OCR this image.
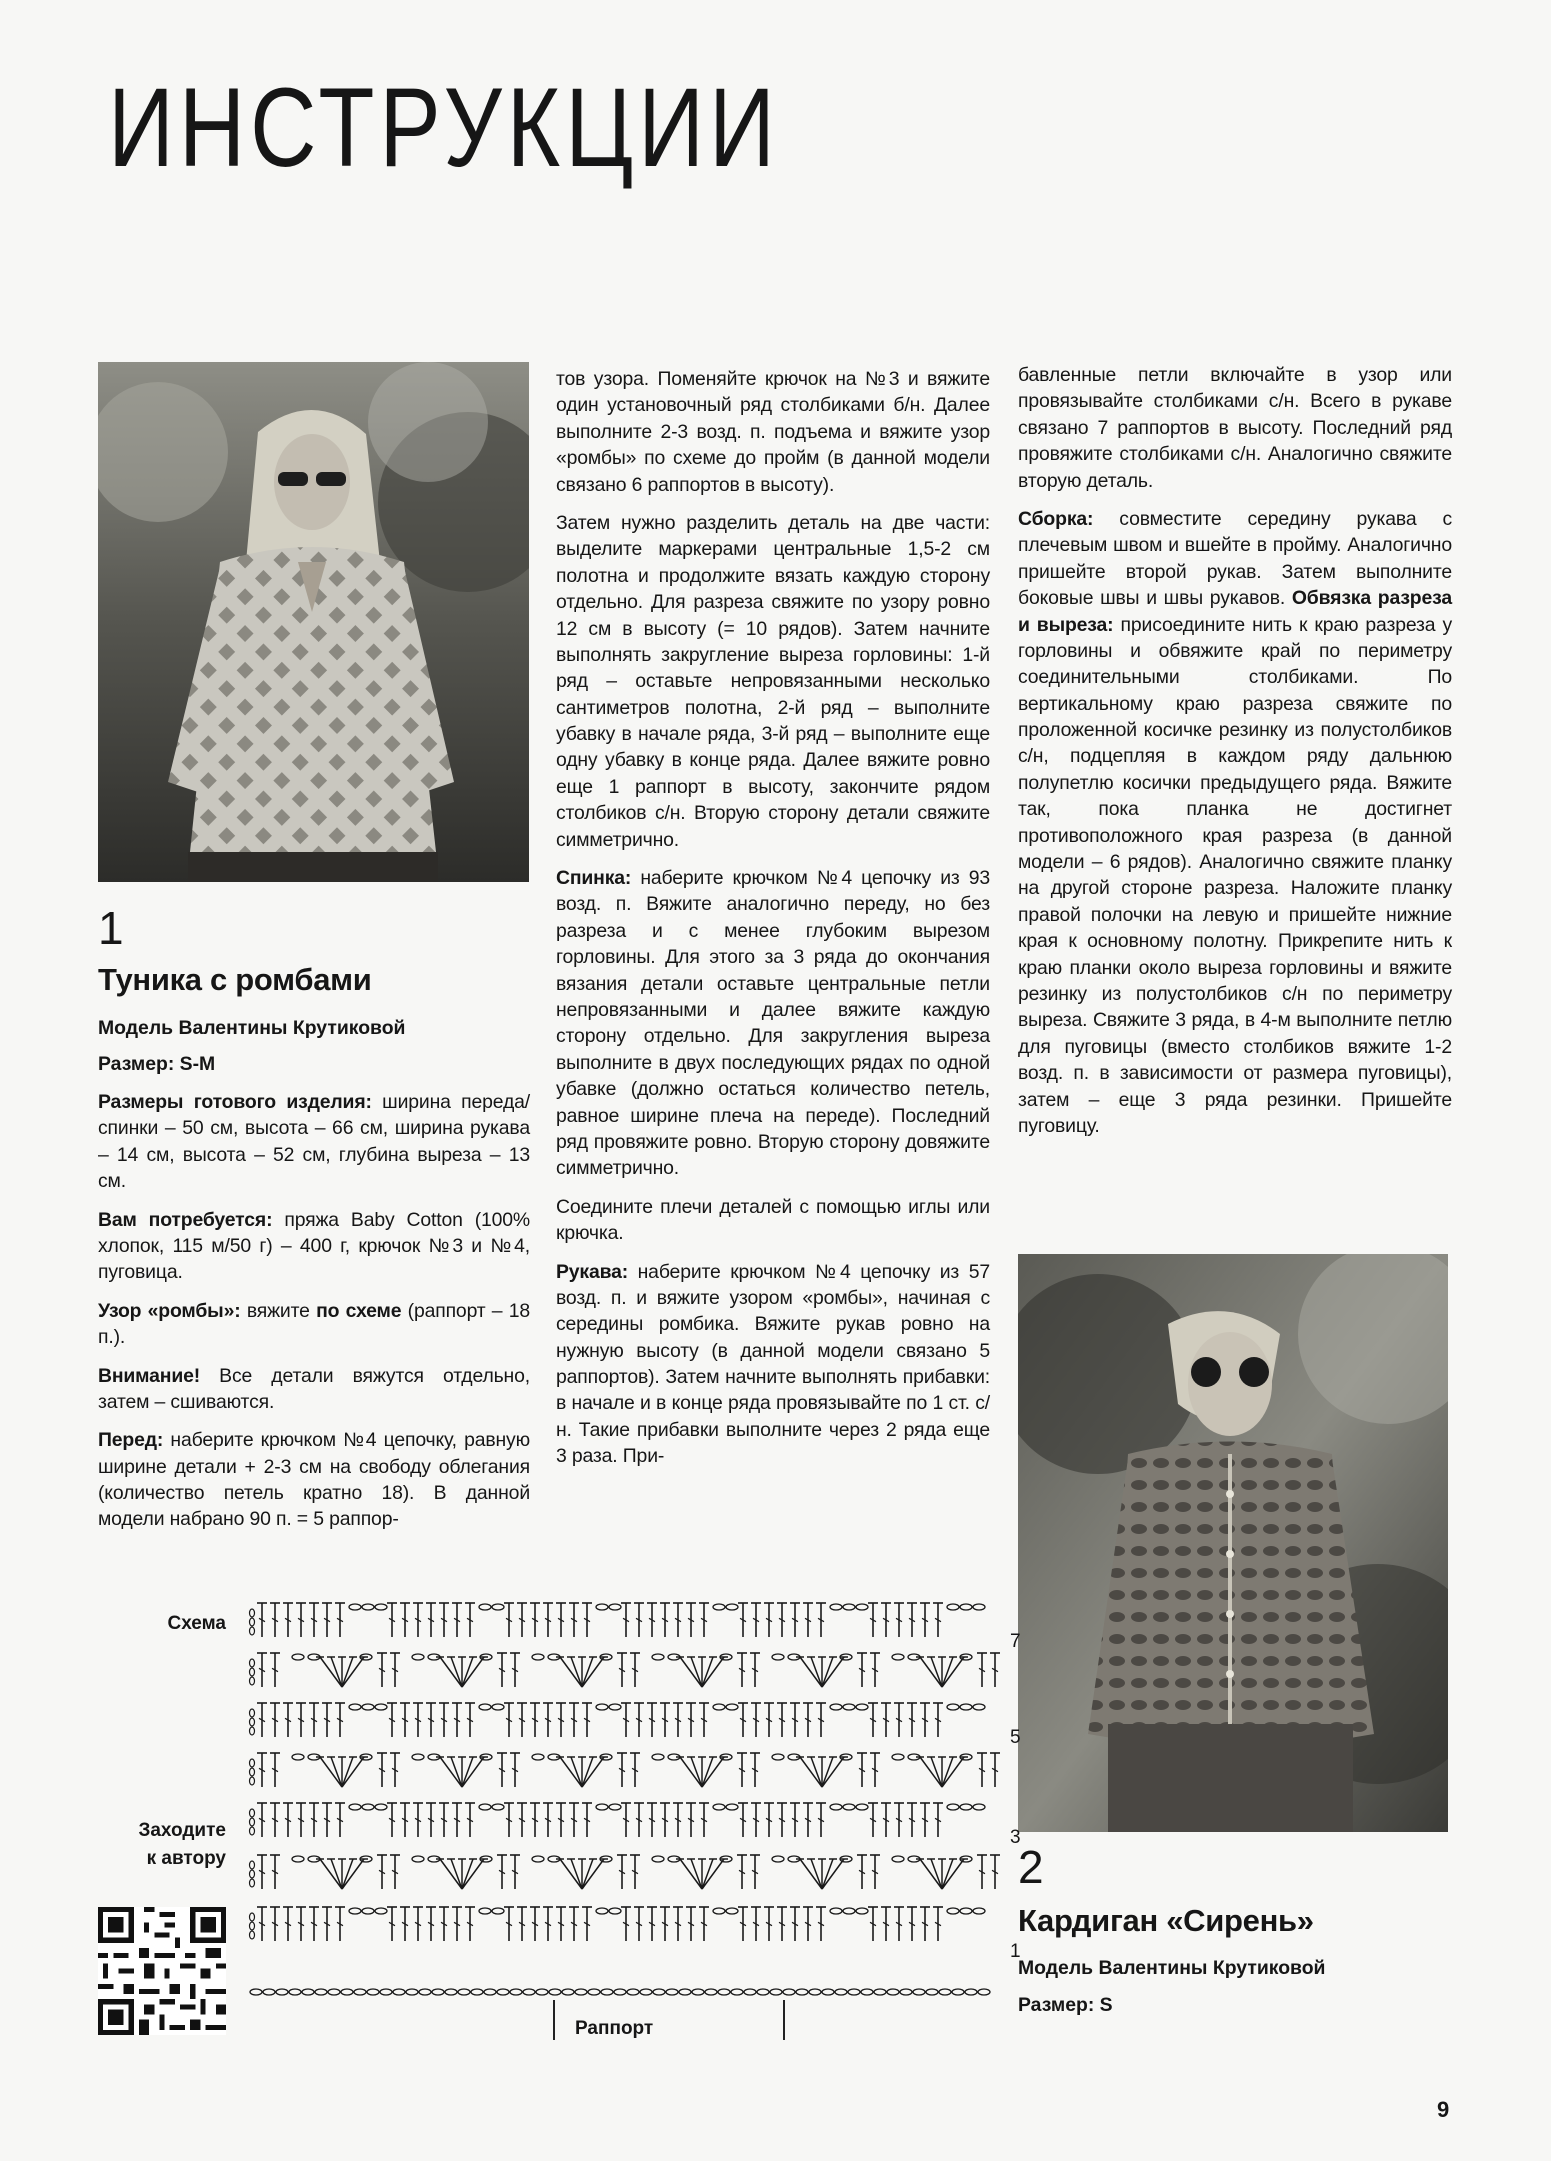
ИНСТРУКЦИИ
1
Туника с ромбами
Модель Валентины Крутиковой
Размер: S-M

Размеры готового изделия: ширина переда/спинки – 50 см, высота – 66 см, ширина рукава – 14 см, высота – 52 см, глубина выреза – 13 см.

Вам потребуется: пряжа Baby Cotton (100% хлопок, 115 м/50 г) – 400 г, крючок №3 и №4, пуговица.

Узор «ромбы»: вяжите по схеме (раппорт – 18 п.).

Внимание! Все детали вяжутся отдельно, затем – сшиваются.

Перед: наберите крючком №4 цепочку, равную ширине детали + 2-3 см на свободу облегания (количество петель кратно 18). В данной модели набрано 90 п. = 5 раппор-

тов узора. Поменяйте крючок на №3 и вяжите один установочный ряд столбиками б/н. Далее выполните 2-3 возд. п. подъема и вяжите узор «ромбы» по схеме до пройм (в данной модели связано 6 раппортов в высоту).

Затем нужно разделить деталь на две части: выделите маркерами центральные 1,5-2 см полотна и продолжите вязать каждую сторону отдельно. Для разреза свяжите по узору ровно 12 см в высоту (= 10 рядов). Затем начните выполнять закругление выреза горловины: 1-й ряд – оставьте непровязанными несколько сантиметров полотна, 2-й ряд – выполните убавку в начале ряда, 3-й ряд – выполните еще одну убавку в конце ряда. Далее вяжите ровно еще 1 раппорт в высоту, закончите рядом столбиков с/н. Вторую сторону детали свяжите симметрично.

Спинка: наберите крючком №4 цепочку из 93 возд. п. Вяжите аналогично переду, но без разреза и с менее глубоким вырезом горловины. Для этого за 3 ряда до окончания вязания детали оставьте центральные петли непровязанными и далее вяжите каждую сторону отдельно. Для закругления выреза выполните в двух последующих рядах по одной убавке (должно остаться количество петель, равное ширине плеча на переде). Последний ряд провяжите ровно. Вторую сторону довяжите симметрично.

Соедините плечи деталей с помощью иглы или крючка.

Рукава: наберите крючком №4 цепочку из 57 возд. п. и вяжите узором «ромбы», начиная с середины ромбика. Вяжите рукав ровно на нужную высоту (в данной модели связано 5 раппортов). Затем начните выполнять прибавки: в начале и в конце ряда провязывайте по 1 ст. с/н. Такие прибавки выполните через 2 ряда еще 3 раза. При-

бавленные петли включайте в узор или провязывайте столбиками с/н. Всего в рукаве связано 7 раппортов в высоту. Последний ряд провяжите столбиками с/н. Аналогично свяжите вторую деталь.

Сборка: совместите середину рукава с плечевым швом и вшейте в пройму. Аналогично пришейте второй рукав. Затем выполните боковые швы и швы рукавов. Обвязка разреза и выреза: присоедините нить к краю разреза у горловины и обвяжите край по периметру соединительными столбиками. По вертикальному краю разреза свяжите по проложенной косичке резинку из полустолбиков с/н, подцепляя в каждом ряду дальнюю полупетлю косички предыдущего ряда. Вяжите так, пока планка не достигнет противоположного края разреза (в данной модели – 6 рядов). Аналогично свяжите планку на другой стороне разреза. Наложите планку правой полочки на левую и пришейте нижние края к основному полотну. Прикрепите нить к краю планки около выреза горловины и вяжите резинку из полустолбиков с/н по периметру выреза. Свяжите 3 ряда, в 4-м выполните петлю для пуговицы (вместо столбиков вяжите 1-2 возд. п. в зависимости от размера пуговицы), затем – еще 3 ряда резинки. Пришейте пуговицу.

2
Кардиган «Сирень»
Модель Валентины Крутиковой
Размер: S
Схема
Заходите
к автору
7
5
3
1
Раппорт
9
